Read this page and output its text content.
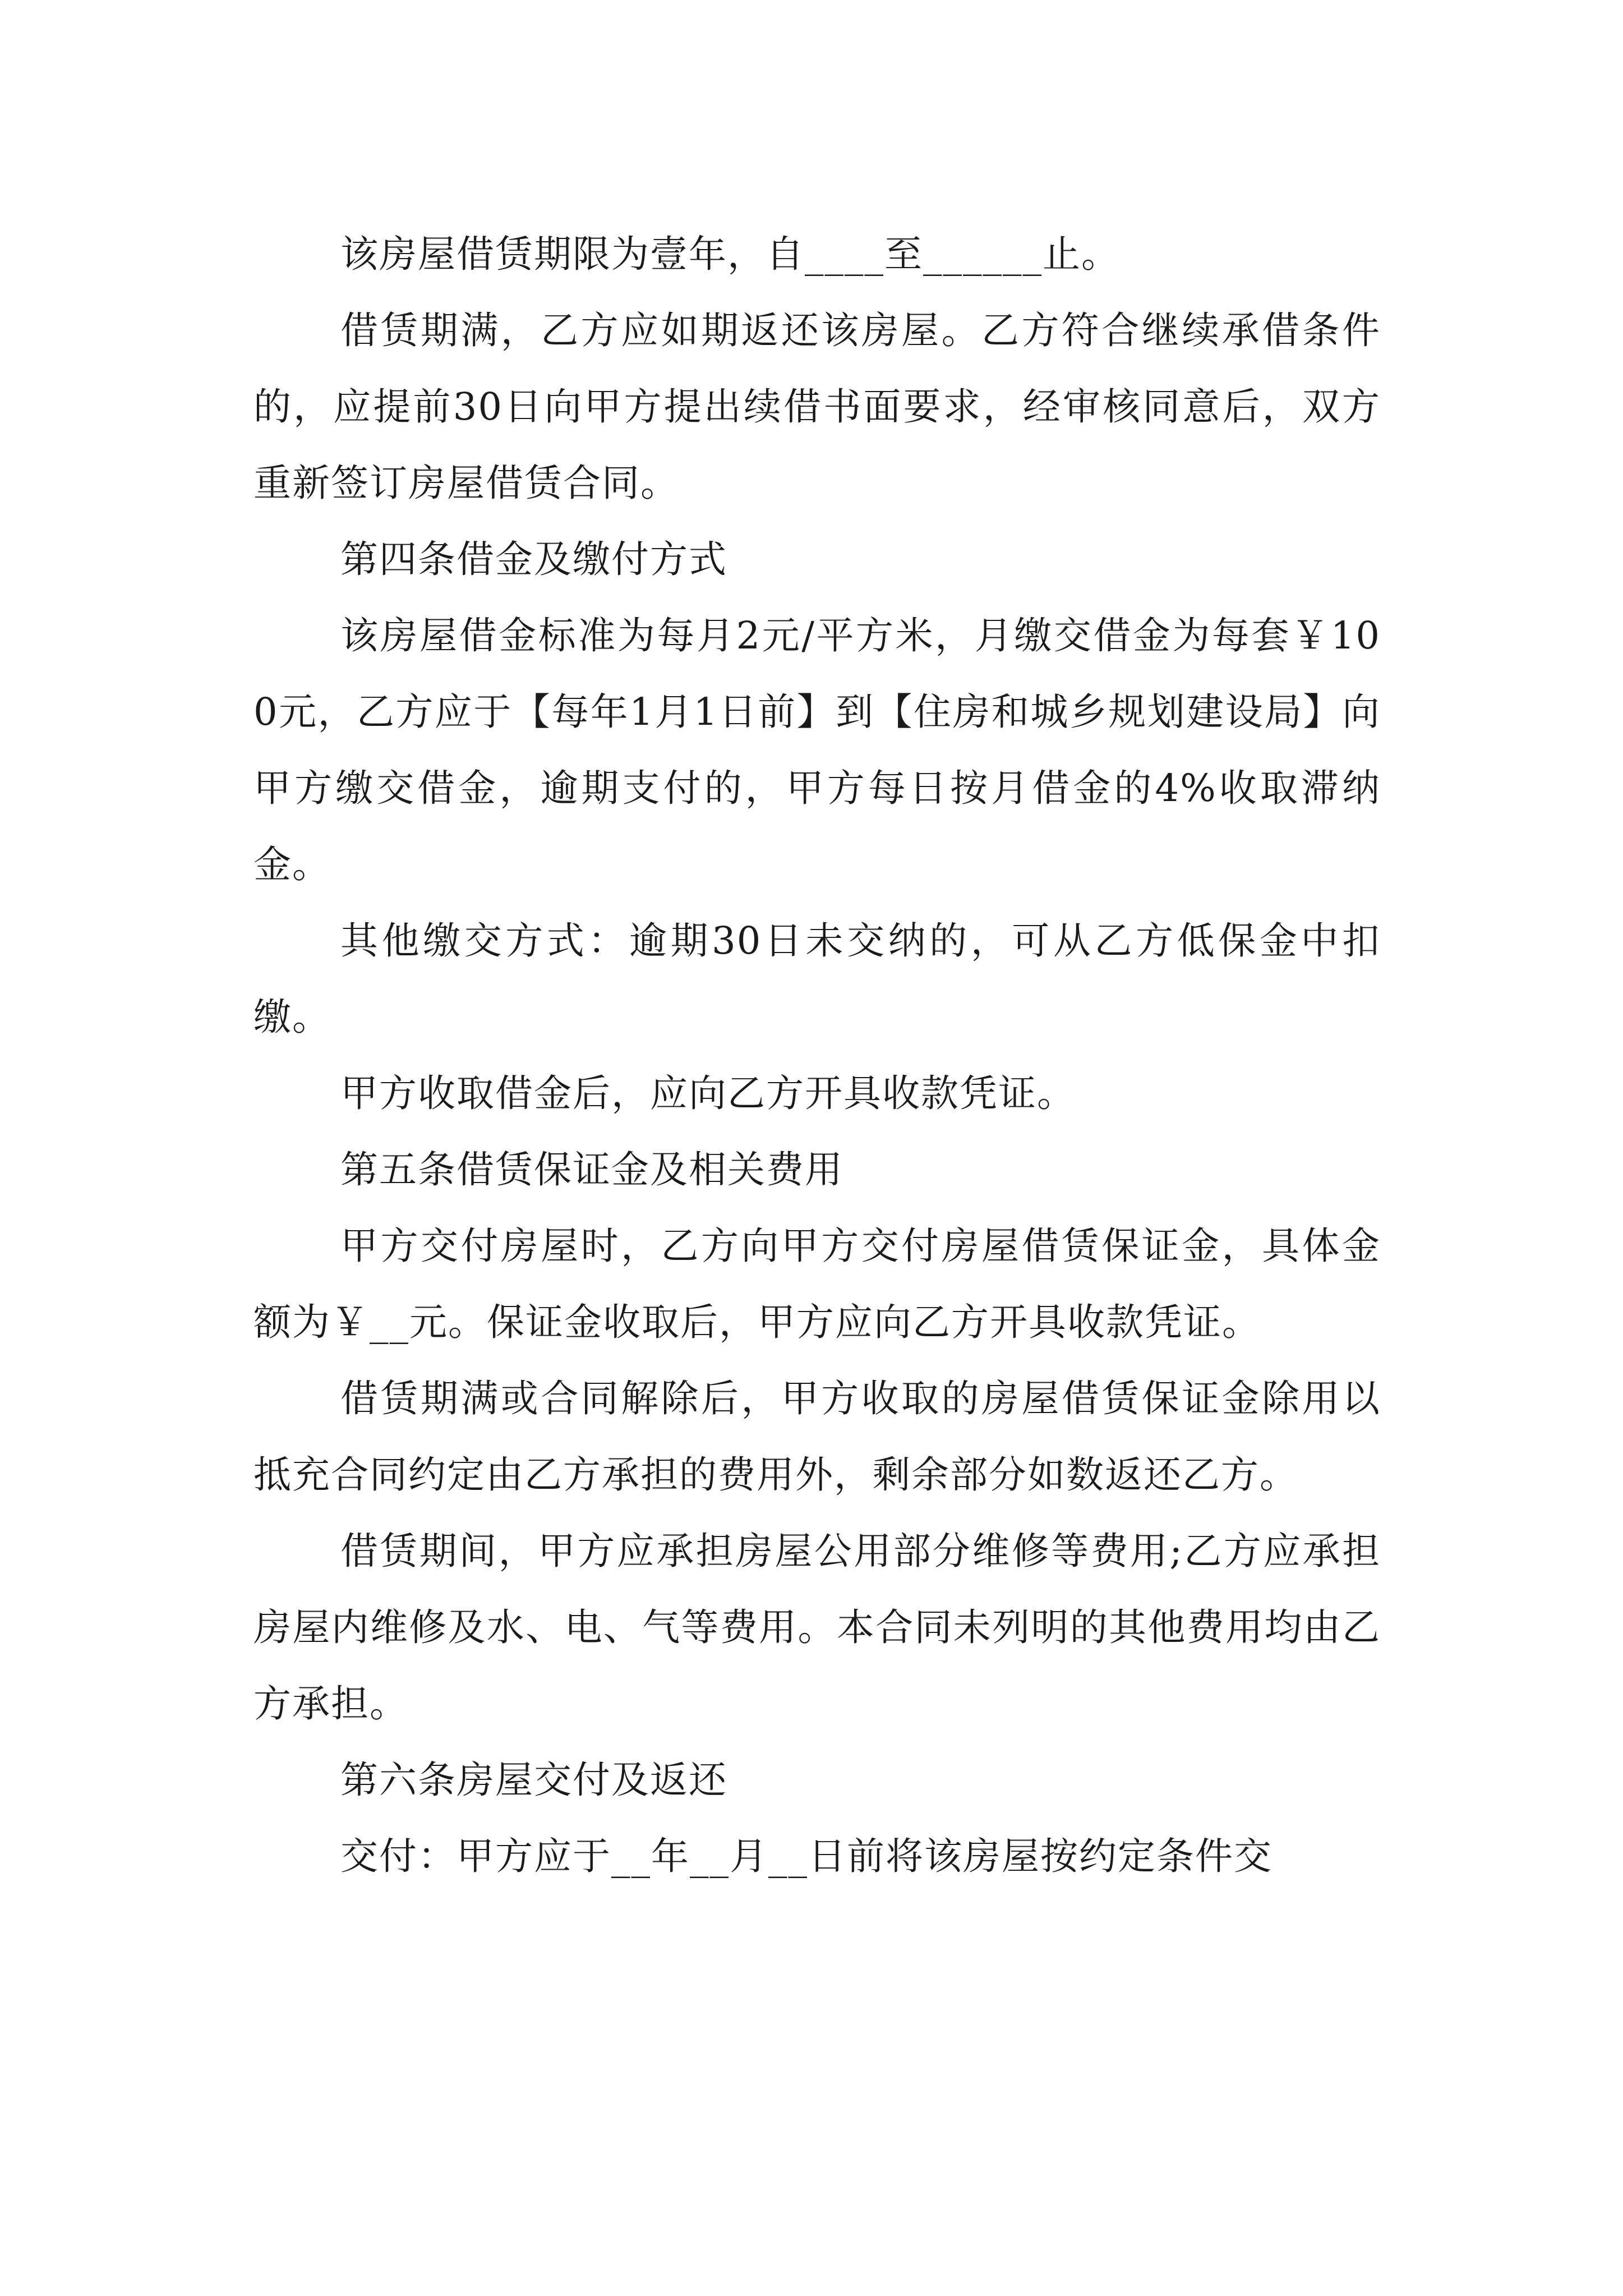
该房屋借赁期限为壹年，自____至______止。

借赁期满，乙方应如期返还该房屋。乙方符合继续承借条件的，应提前30日向甲方提出续借书面要求，经审核同意后，双方重新签订房屋借赁合同。

第四条借金及缴付方式

该房屋借金标准为每月2元/平方米，月缴交借金为每套￥100元，乙方应于【每年1月1日前】到【住房和城乡规划建设局】向甲方缴交借金，逾期支付的，甲方每日按月借金的4%收取滞纳金。

其他缴交方式：逾期30日未交纳的，可从乙方低保金中扣缴。

甲方收取借金后，应向乙方开具收款凭证。

第五条借赁保证金及相关费用

甲方交付房屋时，乙方向甲方交付房屋借赁保证金，具体金额为￥__元。保证金收取后，甲方应向乙方开具收款凭证。

借赁期满或合同解除后，甲方收取的房屋借赁保证金除用以抵充合同约定由乙方承担的费用外，剩余部分如数返还乙方。

借赁期间，甲方应承担房屋公用部分维修等费用;乙方应承担房屋内维修及水、电、气等费用。本合同未列明的其他费用均由乙方承担。

第六条房屋交付及返还

交付：甲方应于__年__月__日前将该房屋按约定条件交
